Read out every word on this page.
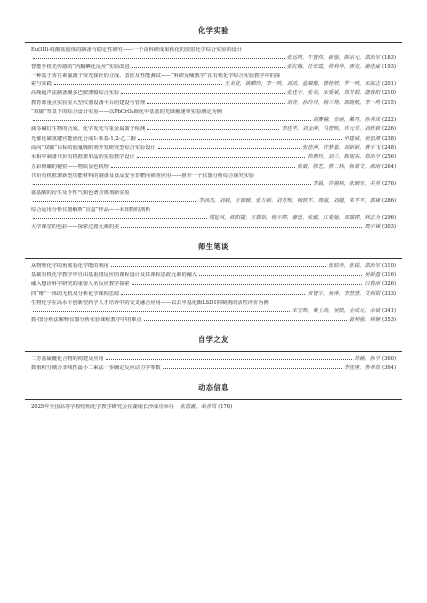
化学实验
Eu(III)-硅酸盐胶体的制备与稳定性研究——一个由科研成果转化的放射化学综合实验的设计
张达鸣，牛智伟，新强，陈宗元，郭治军 (183)
智能手机光传感的“丙酮碘化反应”实验改进	张红梅，任宏霞，侯利华，唐克，谢佳威 (193)
一种基于香豆素氟离子荧光探针的合成、表征及性能测试——“科研反哺教学”在有机化学综合实验教学中的探
索与实践	王美花，姚麒玲，李一鸣，刘清，蓝凝璇，曾桂妍，罗一鸣，宋淑志 (201)
高频超声法制备聚多巴胺薄膜综合实验	张佳宇，张美，宋爱斌，郑芳娟，蒲春阳 (210)
教育部重点实验室大型仪器设备平台的建设与管理	刘青，孙玲丹，杨兰翔，郭晓航，李一鸣 (215)
“双碳”背景下的综合设计实验——以PbCrO₄催化甲基蓝的光降解速率实验测定为例
刘赛楠，安丽，戴丹，孙秀成 (222)
滴芬碱钉生物的合成、化学发光与重金属离子检测	李佳丰，刘金萍，马智辉，许元芳，刘欣毅 (226)
光催化碳氢键官能团化合成1-苯基-1,2-乙二醇	申建威，吴思源 (238)
面向“双碳”目标的胶氟吸附剂开发研究型综合实验设计	张佳萍，许梦嘉，刘新新，曹宇飞 (248)
水相中制备共价有机框架单晶的实验教学设计	徐燕玲，刘兰，陈旭东，郑治亨 (256)
五彩斑斓的秘密——物质显色机理	张敏，徐艺，蔡二林，杨景文，郝雨 (264)
共价有机框架新型功能材料的制备及食品安全非靶向筛查应用——推介一个仪器分析综合探究实验
李晨，许禧林，张颖军，关英 (276)
氨基酸的衍生及手性气相色谱含离剂新实验
李润杰，刘毅，王郁颖，张万新，刘芳辉，杨凯平，周强，刘超，朱平平，郭锦 (286)
综合运用分析仪器解析“盲盒”样品——未知物的剖析
郑征风，欧阳捷，王瑞如，杨宇婷，廖忠，张敏，江爱瑜，邓瑞婷，林志为 (296)
大学课堂的色彩——探索过渡元素的美	周宇锦 (303)
师生笔谈
从物理化学的角度看化学能的利用	张昭寿，张锐，郭治军 (310)
基础有机化学教学中自由基重排反应的课程设计及其课程思政元素的融入	吴新盈 (316)
融入想诊科学研究的重要人名反应教学探索	吕春雨 (326)
四“维”一体的无机及分析化学课程思政	青智宇，吴萍，李慧慧，文利娟 (333)
生物化学在高水平创新型药学人才培养中的交叉融合应用——以去甲基化酶LSD1抑制剂的活性评价为例
宋宝辉，秦上尚，吴凯，金成元，余斌 (341)
数-图分析法解释仪器分析实验课程教学中的难点	黄利强，林婉 (353)
自学之友
二芳基硫醚化合物的构建及应用	苏楠，孙亨 (360)
数值积分耦合非线性最小二乘法一步确定反应动力学参数	李佳庚，鲁孝筠 (364)
动态信息
2025年全国高等学校结构化学教学研究会在湖南长沙成功举办 张恩鑫，荣善岚 (176)
